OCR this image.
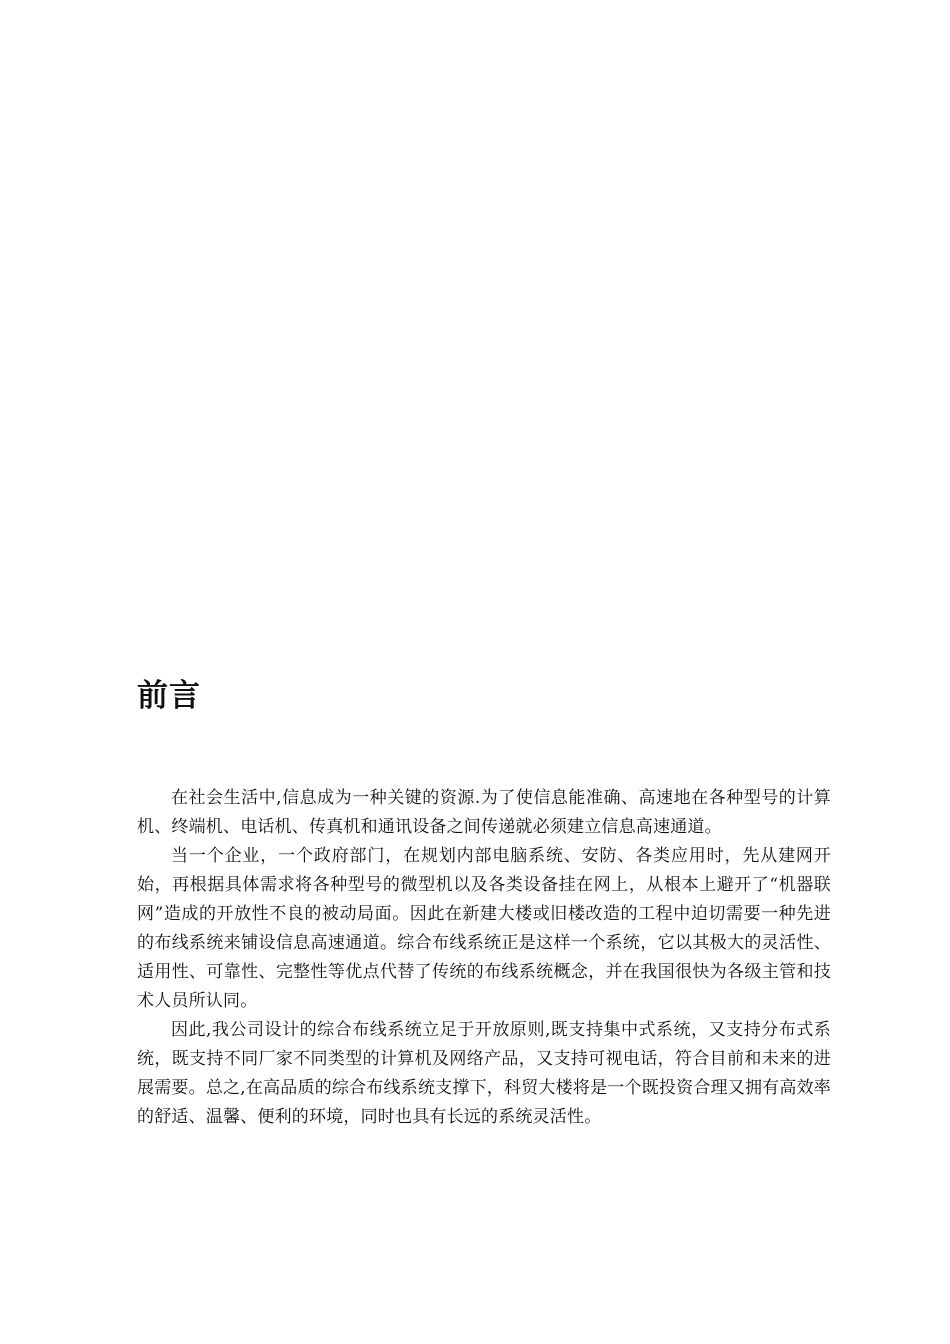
前言

在社会生活中,信息成为一种关键的资源.为了使信息能准确、高速地在各种型号的计算机、终端机、电话机、传真机和通讯设备之间传递就必须建立信息高速通道。

当一个企业，一个政府部门，在规划内部电脑系统、安防、各类应用时，先从建网开始，再根据具体需求将各种型号的微型机以及各类设备挂在网上，从根本上避开了“机器联网”造成的开放性不良的被动局面。因此在新建大楼或旧楼改造的工程中迫切需要一种先进的布线系统来铺设信息高速通道。综合布线系统正是这样一个系统，它以其极大的灵活性、适用性、可靠性、完整性等优点代替了传统的布线系统概念，并在我国很快为各级主管和技术人员所认同。

因此,我公司设计的综合布线系统立足于开放原则,既支持集中式系统，又支持分布式系统，既支持不同厂家不同类型的计算机及网络产品，又支持可视电话，符合目前和未来的进展需要。总之,在高品质的综合布线系统支撑下，科贸大楼将是一个既投资合理又拥有高效率的舒适、温馨、便利的环境，同时也具有长远的系统灵活性。
